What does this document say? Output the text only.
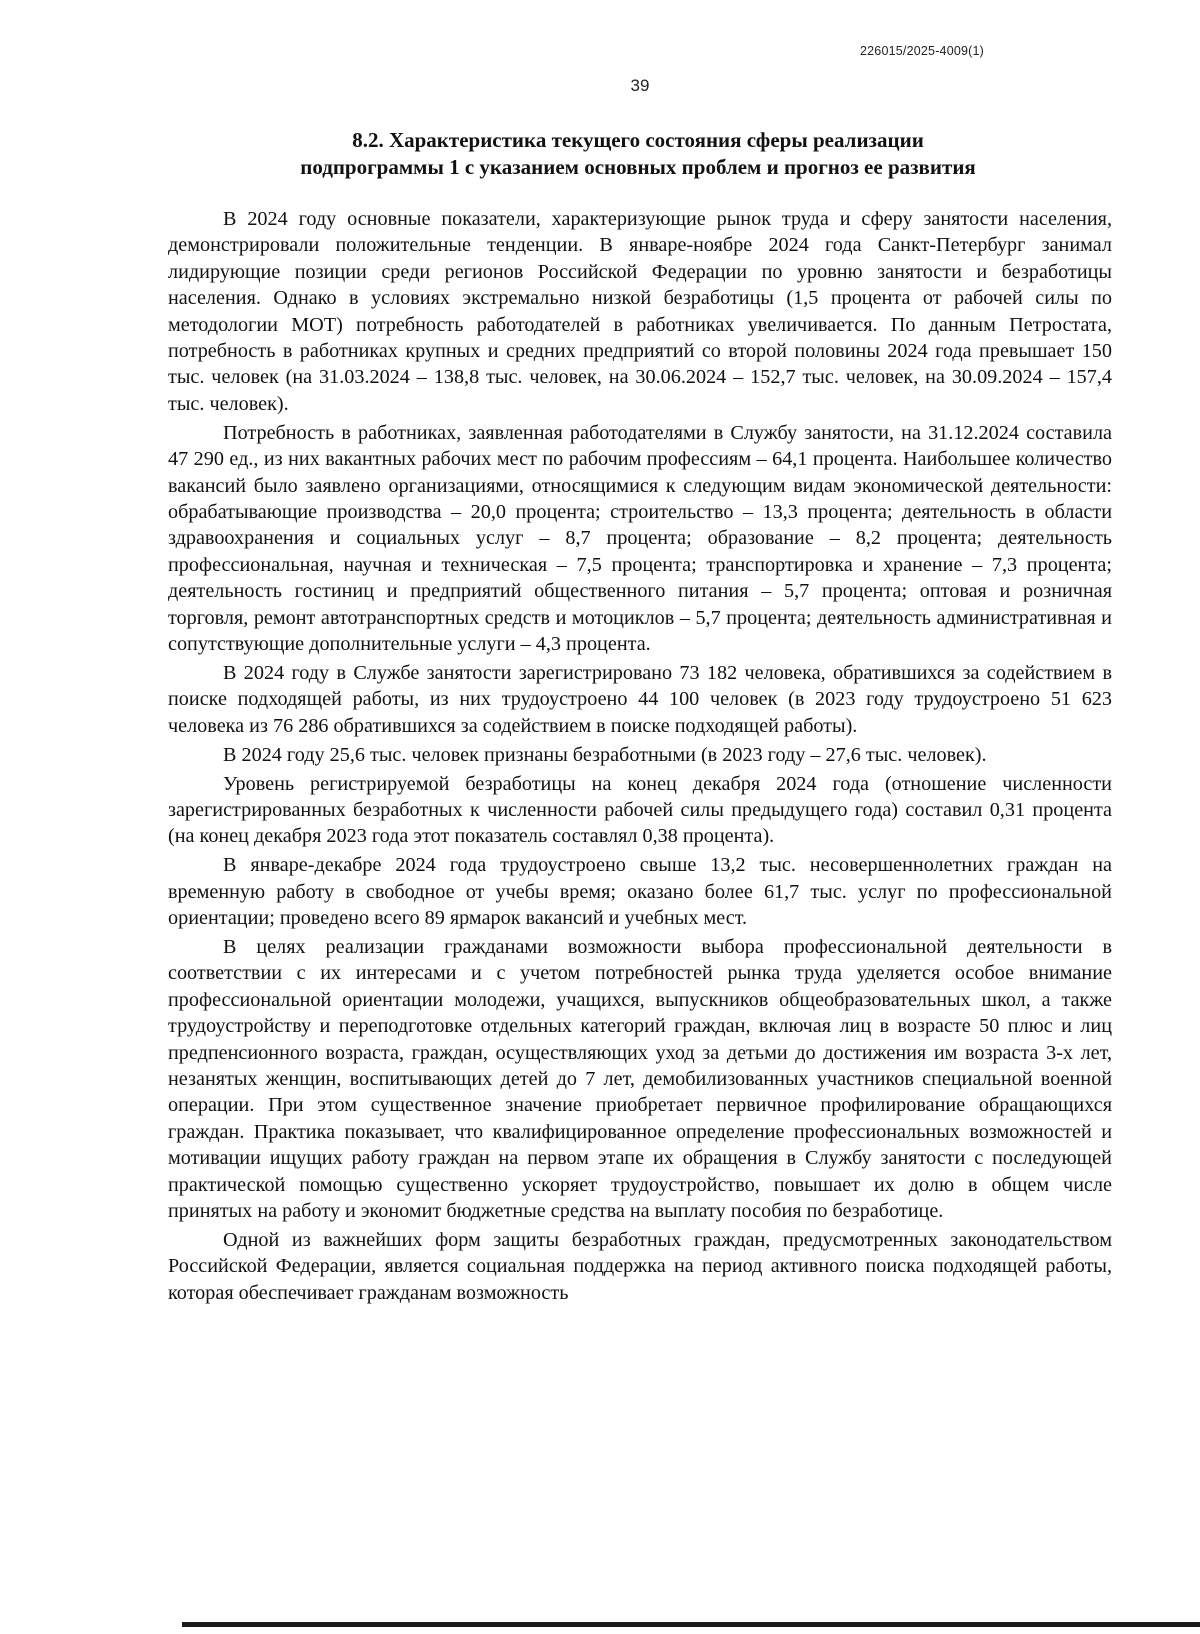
226015/2025-4009(1)
39
8.2. Характеристика текущего состояния сферы реализации
подпрограммы 1 с указанием основных проблем и прогноз ее развития

В 2024 году основные показатели, характеризующие рынок труда и сферу занятости населения, демонстрировали положительные тенденции. В январе-ноябре 2024 года Санкт-Петербург занимал лидирующие позиции среди регионов Российской Федерации по уровню занятости и безработицы населения. Однако в условиях экстремально низкой безработицы (1,5 процента от рабочей силы по методологии МОТ) потребность работодателей в работниках увеличивается. По данным Петростата, потребность в работниках крупных и средних предприятий со второй половины 2024 года превышает 150 тыс. человек (на 31.03.2024 – 138,8 тыс. человек, на 30.06.2024 – 152,7 тыс. человек, на 30.09.2024 – 157,4 тыс. человек).

Потребность в работниках, заявленная работодателями в Службу занятости, на 31.12.2024 составила 47 290 ед., из них вакантных рабочих мест по рабочим профессиям – 64,1 процента. Наибольшее количество вакансий было заявлено организациями, относящимися к следующим видам экономической деятельности: обрабатывающие производства – 20,0 процента; строительство – 13,3 процента; деятельность в области здравоохранения и социальных услуг – 8,7 процента; образование – 8,2 процента; деятельность профессиональная, научная и техническая – 7,5 процента; транспортировка и хранение – 7,3 процента; деятельность гостиниц и предприятий общественного питания – 5,7 процента; оптовая и розничная торговля, ремонт автотранспортных средств и мотоциклов – 5,7 процента; деятельность административная и сопутствующие дополнительные услуги – 4,3 процента.

В 2024 году в Службе занятости зарегистрировано 73 182 человека, обратившихся за содействием в поиске подходящей работы, из них трудоустроено 44 100 человек (в 2023 году трудоустроено 51 623 человека из 76 286 обратившихся за содействием в поиске подходящей работы).

В 2024 году 25,6 тыс. человек признаны безработными (в 2023 году – 27,6 тыс. человек).

Уровень регистрируемой безработицы на конец декабря 2024 года (отношение численности зарегистрированных безработных к численности рабочей силы предыдущего года) составил 0,31 процента (на конец декабря 2023 года этот показатель составлял 0,38 процента).

В январе-декабре 2024 года трудоустроено свыше 13,2 тыс. несовершеннолетних граждан на временную работу в свободное от учебы время; оказано более 61,7 тыс. услуг по профессиональной ориентации; проведено всего 89 ярмарок вакансий и учебных мест.

В целях реализации гражданами возможности выбора профессиональной деятельности в соответствии с их интересами и с учетом потребностей рынка труда уделяется особое внимание профессиональной ориентации молодежи, учащихся, выпускников общеобразовательных школ, а также трудоустройству и переподготовке отдельных категорий граждан, включая лиц в возрасте 50 плюс и лиц предпенсионного возраста, граждан, осуществляющих уход за детьми до достижения им возраста 3-х лет, незанятых женщин, воспитывающих детей до 7 лет, демобилизованных участников специальной военной операции. При этом существенное значение приобретает первичное профилирование обращающихся граждан. Практика показывает, что квалифицированное определение профессиональных возможностей и мотивации ищущих работу граждан на первом этапе их обращения в Службу занятости с последующей практической помощью существенно ускоряет трудоустройство, повышает их долю в общем числе принятых на работу и экономит бюджетные средства на выплату пособия по безработице.

Одной из важнейших форм защиты безработных граждан, предусмотренных законодательством Российской Федерации, является социальная поддержка на период активного поиска подходящей работы, которая обеспечивает гражданам возможность
